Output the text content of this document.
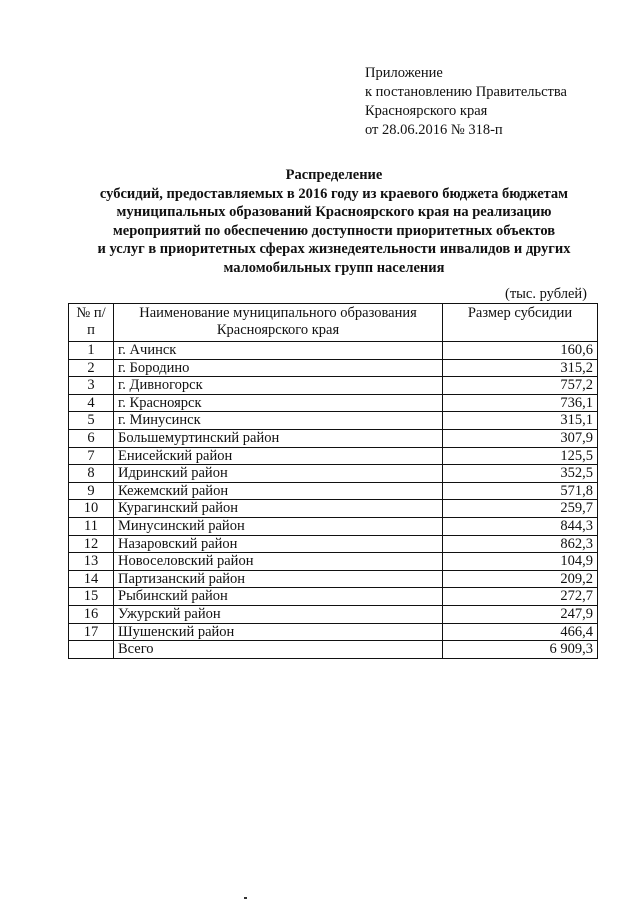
Приложение
к постановлению Правительства
Красноярского края
от 28.06.2016 № 318-п
Распределение
субсидий, предоставляемых в 2016 году из краевого бюджета бюджетам
муниципальных образований Красноярского края на реализацию
мероприятий по обеспечению доступности приоритетных объектов
и услуг в приоритетных сферах жизнедеятельности инвалидов и других
маломобильных групп населения
(тыс. рублей)
№ п/п	Наименование муниципального образования Красноярского края	Размер субсидии
1	г. Ачинск	160,6
2	г. Бородино	315,2
3	г. Дивногорск	757,2
4	г. Красноярск	736,1
5	г. Минусинск	315,1
6	Большемуртинский район	307,9
7	Енисейский район	125,5
8	Идринский район	352,5
9	Кежемский район	571,8
10	Курагинский район	259,7
11	Минусинский район	844,3
12	Назаровский район	862,3
13	Новоселовский район	104,9
14	Партизанский район	209,2
15	Рыбинский район	272,7
16	Ужурский район	247,9
17	Шушенский район	466,4
	Всего	6 909,3
